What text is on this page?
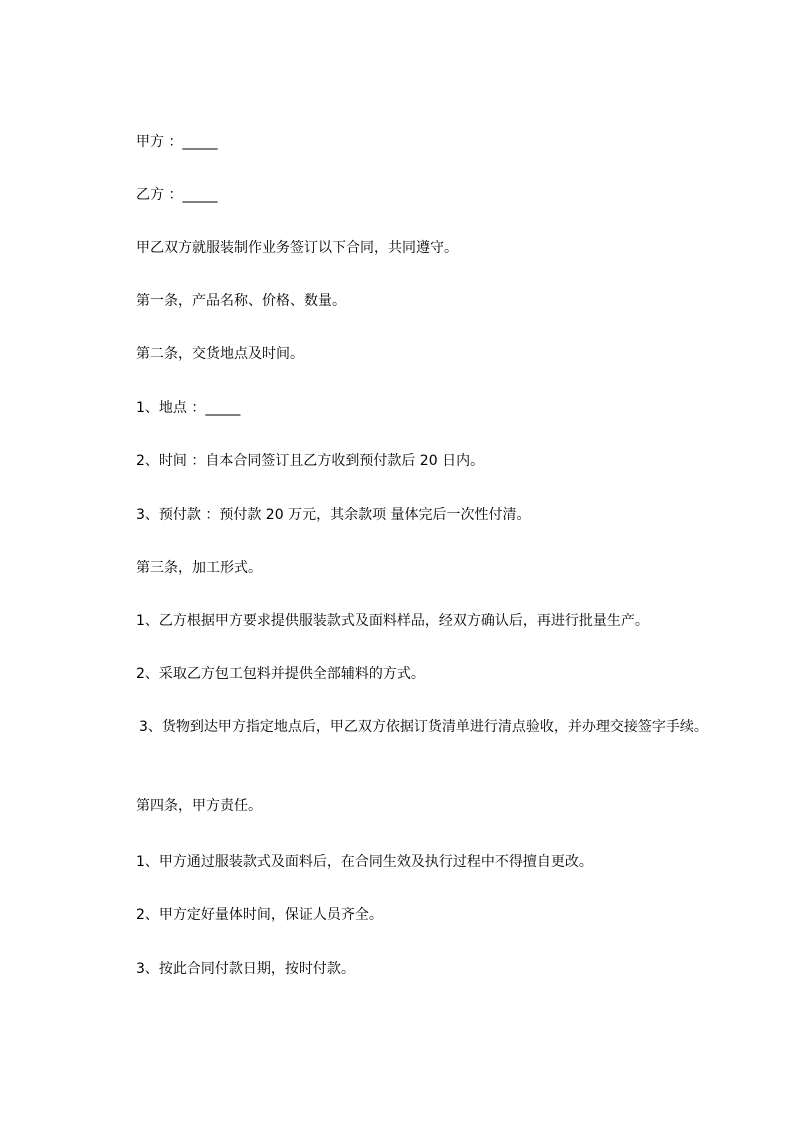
甲方 ：_____
乙方 ：_____
甲乙双方就服装制作业务签订以下合同，共同遵守。
第一条，产品名称、价格、数量。
第二条，交货地点及时间。
1、地点 ：_____
2、时间 ：自本合同签订且乙方收到预付款后 20 日内。
3、预付款 ：预付款 20 万元，其余款项 量体完后一次性付清。
第三条，加工形式。
1、乙方根据甲方要求提供服装款式及面料样品，经双方确认后，再进行批量生产。
2、采取乙方包工包料并提供全部辅料的方式。
3、货物到达甲方指定地点后，甲乙双方依据订货清单进行清点验收，并办理交接签字手续。
第四条，甲方责任。
1、甲方通过服装款式及面料后，在合同生效及执行过程中不得擅自更改。
2、甲方定好量体时间，保证人员齐全。
3、按此合同付款日期，按时付款。
